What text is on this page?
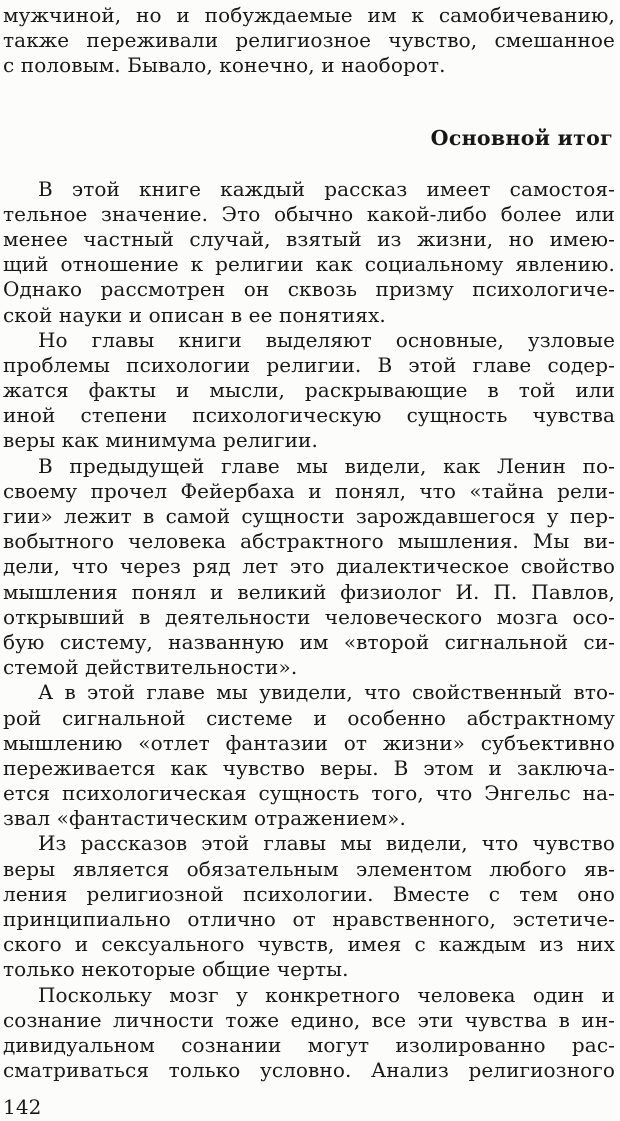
мужчиной, но и побуждаемые им к самобичеванию,
также переживали религиозное чувство, смешанное
с половым. Бывало, конечно, и наоборот.
Основной итог
В этой книге каждый рассказ имеет самостоя-
тельное значение. Это обычно какой-либо более или
менее частный случай, взятый из жизни, но имею-
щий отношение к религии как социальному явлению.
Однако рассмотрен он сквозь призму психологиче-
ской науки и описан в ее понятиях.
Но главы книги выделяют основные, узловые
проблемы психологии религии. В этой главе содер-
жатся факты и мысли, раскрывающие в той или
иной степени психологическую сущность чувства
веры как минимума религии.
В предыдущей главе мы видели, как Ленин по-
своему прочел Фейербаха и понял, что «тайна рели-
гии» лежит в самой сущности зарождавшегося у пер-
вобытного человека абстрактного мышления. Мы ви-
дели, что через ряд лет это диалектическое свойство
мышления понял и великий физиолог И. П. Павлов,
открывший в деятельности человеческого мозга осо-
бую систему, названную им «второй сигнальной си-
стемой действительности».
А в этой главе мы увидели, что свойственный вто-
рой сигнальной системе и особенно абстрактному
мышлению «отлет фантазии от жизни» субъективно
переживается как чувство веры. В этом и заключа-
ется психологическая сущность того, что Энгельс на-
звал «фантастическим отражением».
Из рассказов этой главы мы видели, что чувство
веры является обязательным элементом любого яв-
ления религиозной психологии. Вместе с тем оно
принципиально отлично от нравственного, эстетиче-
ского и сексуального чувств, имея с каждым из них
только некоторые общие черты.
Поскольку мозг у конкретного человека один и
сознание личности тоже едино, все эти чувства в ин-
дивидуальном сознании могут изолированно рас-
сматриваться только условно. Анализ религиозного
142
